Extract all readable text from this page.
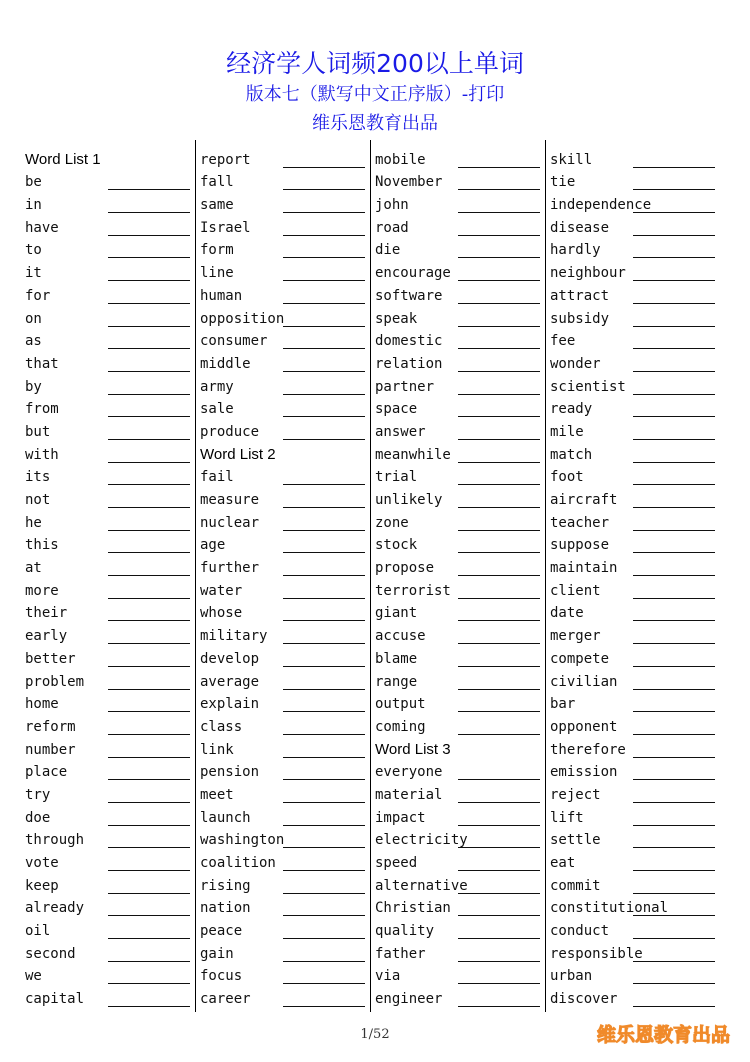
经济学人词频200以上单词
版本七（默写中文正序版）-打印
维乐恩教育出品
Word List 1
be
in
have
to
it
for
on
as
that
by
from
but
with
its
not
he
this
at
more
their
early
better
problem
home
reform
number
place
try
doe
through
vote
keep
already
oil
second
we
capital
report
fall
same
Israel
form
line
human
opposition
consumer
middle
army
sale
produce
Word List 2
fail
measure
nuclear
age
further
water
whose
military
develop
average
explain
class
link
pension
meet
launch
washington
coalition
rising
nation
peace
gain
focus
career
mobile
November
john
road
die
encourage
software
speak
domestic
relation
partner
space
answer
meanwhile
trial
unlikely
zone
stock
propose
terrorist
giant
accuse
blame
range
output
coming
Word List 3
everyone
material
impact
electricity
speed
alternative
Christian
quality
father
via
engineer
skill
tie
independence
disease
hardly
neighbour
attract
subsidy
fee
wonder
scientist
ready
mile
match
foot
aircraft
teacher
suppose
maintain
client
date
merger
compete
civilian
bar
opponent
therefore
emission
reject
lift
settle
eat
commit
constitutional
conduct
responsible
urban
discover
1/52	维乐恩教育出品
